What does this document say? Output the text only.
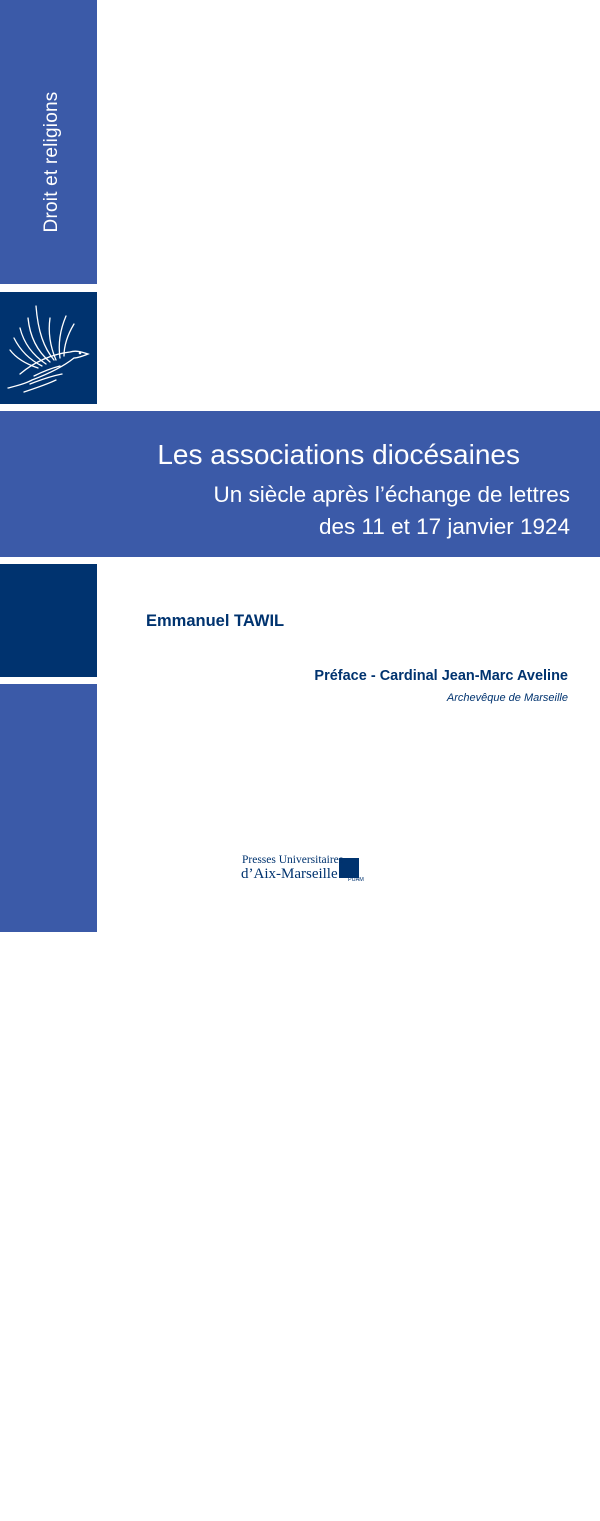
Droit et religions
Les associations diocésaines
Un siècle après l’échange de lettres
des 11 et 17 janvier 1924
LID2MS
Emmanuel TAWIL
Préface - Cardinal Jean-Marc Aveline
Archevêque de Marseille
Presses Universitaires
d’Aix-Marseille PUAM
